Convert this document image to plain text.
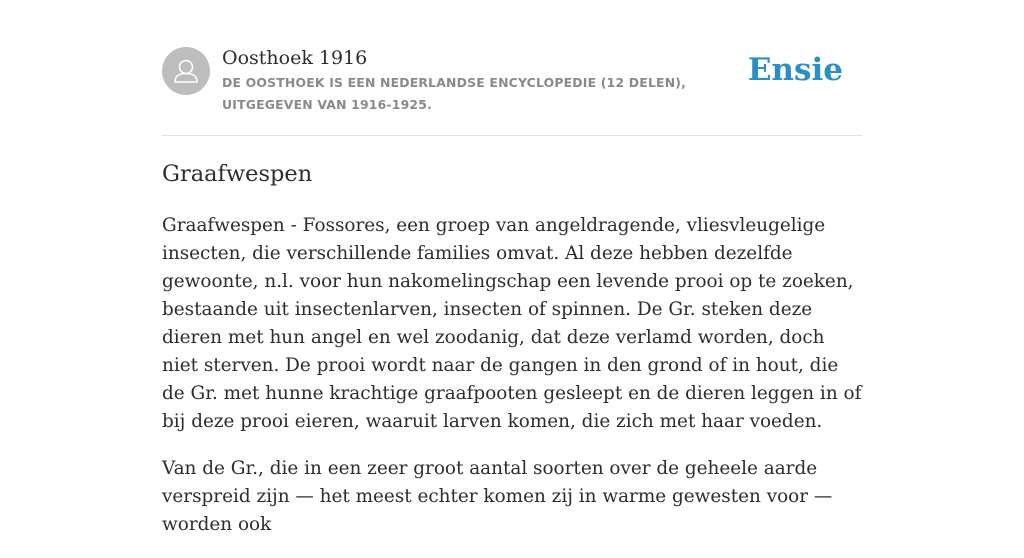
Oosthoek 1916
DE OOSTHOEK IS EEN NEDERLANDSE ENCYCLOPEDIE (12 DELEN), UITGEGEVEN VAN 1916-1925.
Ensie
Graafwespen

Graafwespen - Fossores, een groep van angeldragende, vliesvleugelige insecten, die verschillende families omvat. Al deze hebben dezelfde gewoonte, n.l. voor hun nakomelingschap een levende prooi op te zoeken, bestaande uit insectenlarven, insecten of spinnen. De Gr. steken deze dieren met hun angel en wel zoodanig, dat deze verlamd worden, doch niet sterven. De prooi wordt naar de gangen in den grond of in hout, die de Gr. met hunne krachtige graafpooten gesleept en de dieren leggen in of bij deze prooi eieren, waaruit larven komen, die zich met haar voeden.

Van de Gr., die in een zeer groot aantal soorten over de geheele aarde verspreid zijn — het meest echter komen zij in warme gewesten voor — worden ook
